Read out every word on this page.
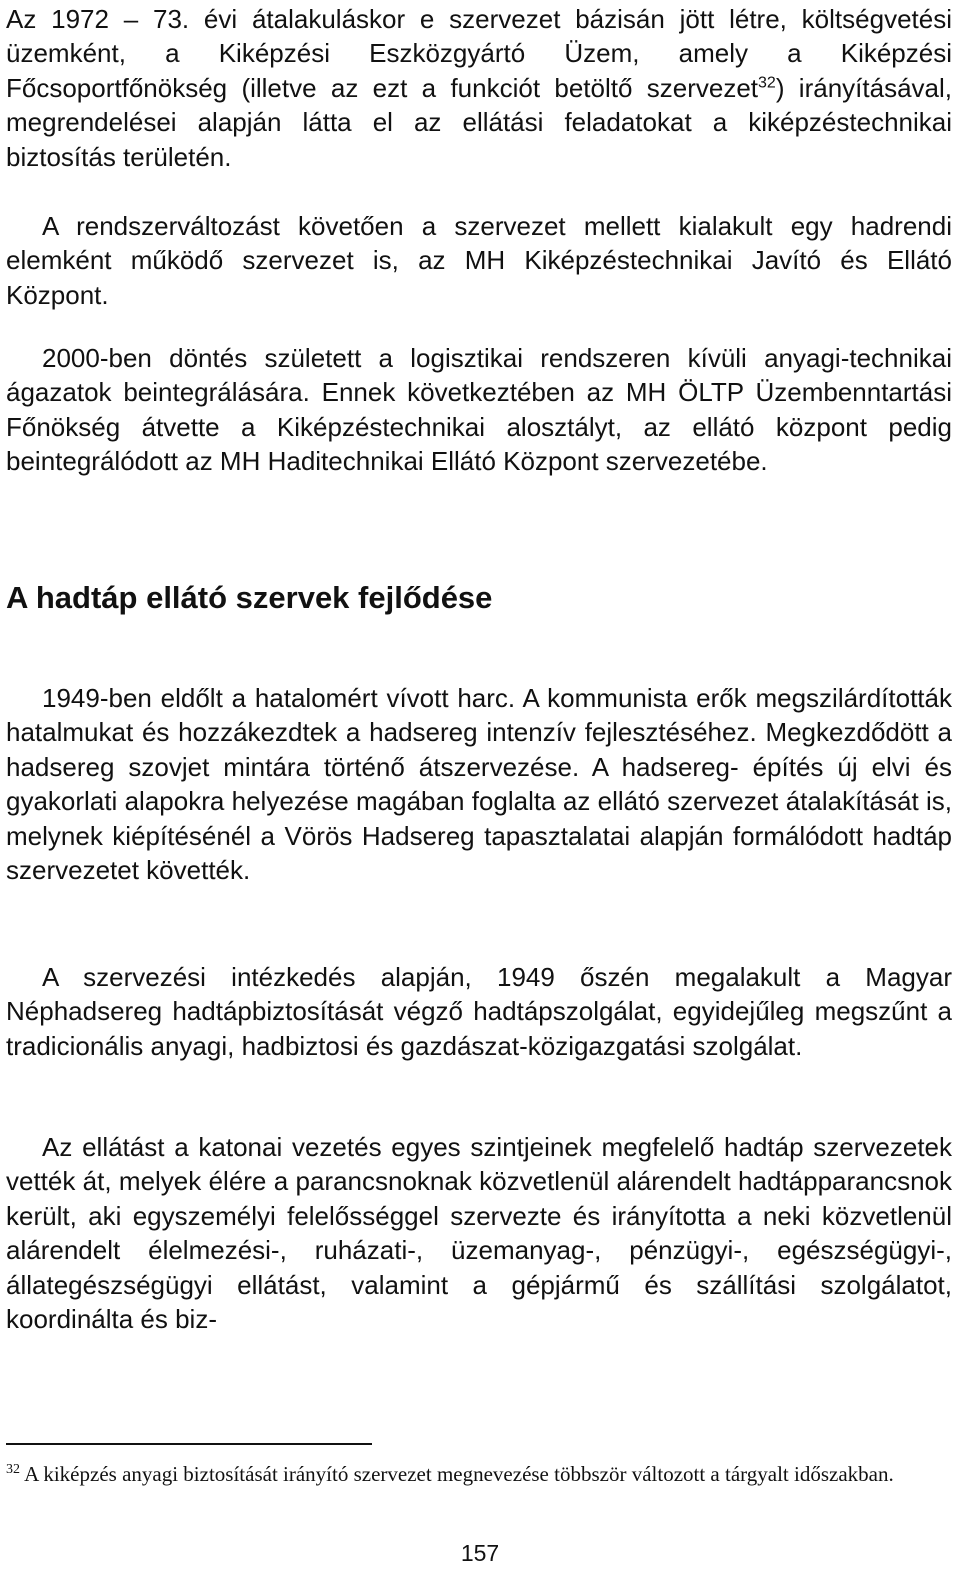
Az 1972 – 73. évi átalakuláskor e szervezet bázisán jött létre, költségvetési üzemként, a Kiképzési Eszközgyártó Üzem, amely a Kiképzési Főcsoportfőnökség (illetve az ezt a funkciót betöltő szervezet$^{32}$) irányításával, megrendelései alapján látta el az ellátási feladatokat a kiképzéstechnikai biztosítás területén.

A rendszerváltozást követően a szervezet mellett kialakult egy hadrendi elemként működő szervezet is, az MH Kiképzéstechnikai Javító és Ellátó Központ.

2000-ben döntés született a logisztikai rendszeren kívüli anyagi-technikai ágazatok beintegrálására. Ennek következtében az MH ÖLTP Üzembenntartási Főnökség átvette a Kiképzéstechnikai alosztályt, az ellátó központ pedig beintegrálódott az MH Haditechnikai Ellátó Központ szervezetébe.

A hadtáp ellátó szervek fejlődése

1949-ben eldőlt a hatalomért vívott harc. A kommunista erők megszilárdították hatalmukat és hozzákezdtek a hadsereg intenzív fejlesztéséhez. Megkezdődött a hadsereg szovjet mintára történő átszervezése. A hadsereg- építés új elvi és gyakorlati alapokra helyezése magában foglalta az ellátó szervezet átalakítását is, melynek kiépítésénél a Vörös Hadsereg tapasztalatai alapján formálódott hadtáp szervezetet követték.

A szervezési intézkedés alapján, 1949 őszén megalakult a Magyar Néphadsereg hadtápbiztosítását végző hadtápszolgálat, egyidejűleg megszűnt a tradicionális anyagi, hadbiztosi és gazdászat-közigazgatási szolgálat.

Az ellátást a katonai vezetés egyes szintjeinek megfelelő hadtáp szervezetek vették át, melyek élére a parancsnoknak közvetlenül alárendelt hadtápparancsnok került, aki egyszemélyi felelősséggel szervezte és irányította a neki közvetlenül alárendelt élelmezési-, ruházati-, üzemanyag-, pénzügyi-, egészségügyi-, állategészségügyi ellátást, valamint a gépjármű és szállítási szolgálatot, koordinálta és biz-

$^{32}$ A kiképzés anyagi biztosítását irányító szervezet megnevezése többször változott a tárgyalt időszakban.

157
